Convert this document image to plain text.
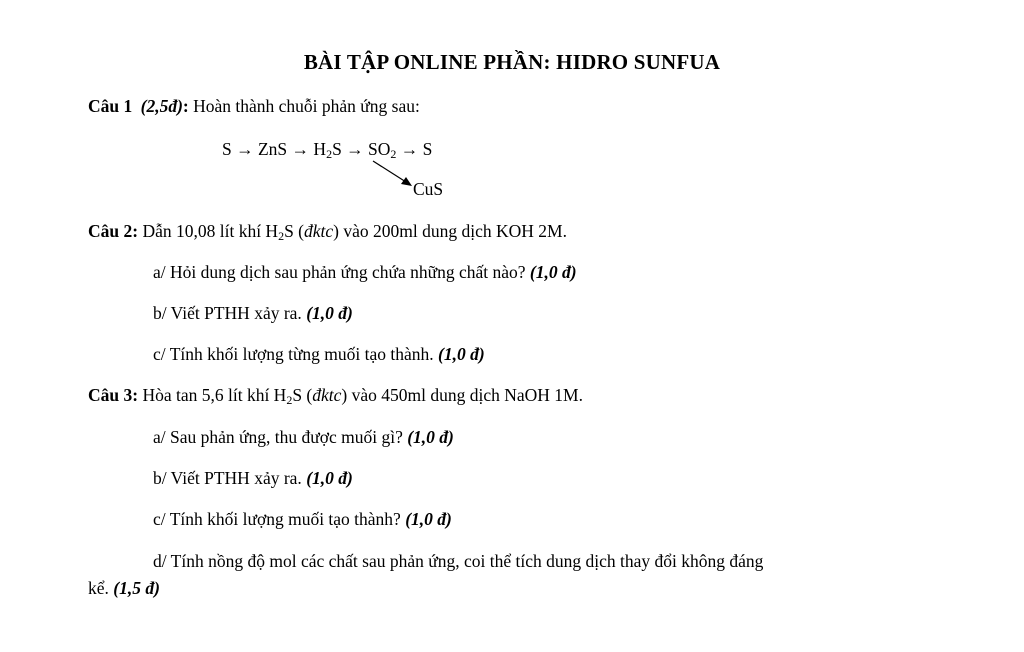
BÀI TẬP ONLINE PHẦN: HIDRO SUNFUA
Câu 1 (2,5đ): Hoàn thành chuỗi phản ứng sau:
S → ZnS → $H_2S \to SO_2 \to S$
CuS
Câu 2: Dẫn 10,08 lít khí $H_2S$ (đktc) vào 200ml dung dịch KOH 2M.
a/ Hỏi dung dịch sau phản ứng chứa những chất nào? (1,0 đ)
b/ Viết PTHH xảy ra. (1,0 đ)
c/ Tính khối lượng từng muối tạo thành. (1,0 đ)
Câu 3: Hòa tan 5,6 lít khí $H_2S$ (đktc) vào 450ml dung dịch NaOH 1M.
a/ Sau phản ứng, thu được muối gì? (1,0 đ)
b/ Viết PTHH xảy ra. (1,0 đ)
c/ Tính khối lượng muối tạo thành? (1,0 đ)
d/ Tính nồng độ mol các chất sau phản ứng, coi thể tích dung dịch thay đổi không đáng
kể. (1,5 đ)
